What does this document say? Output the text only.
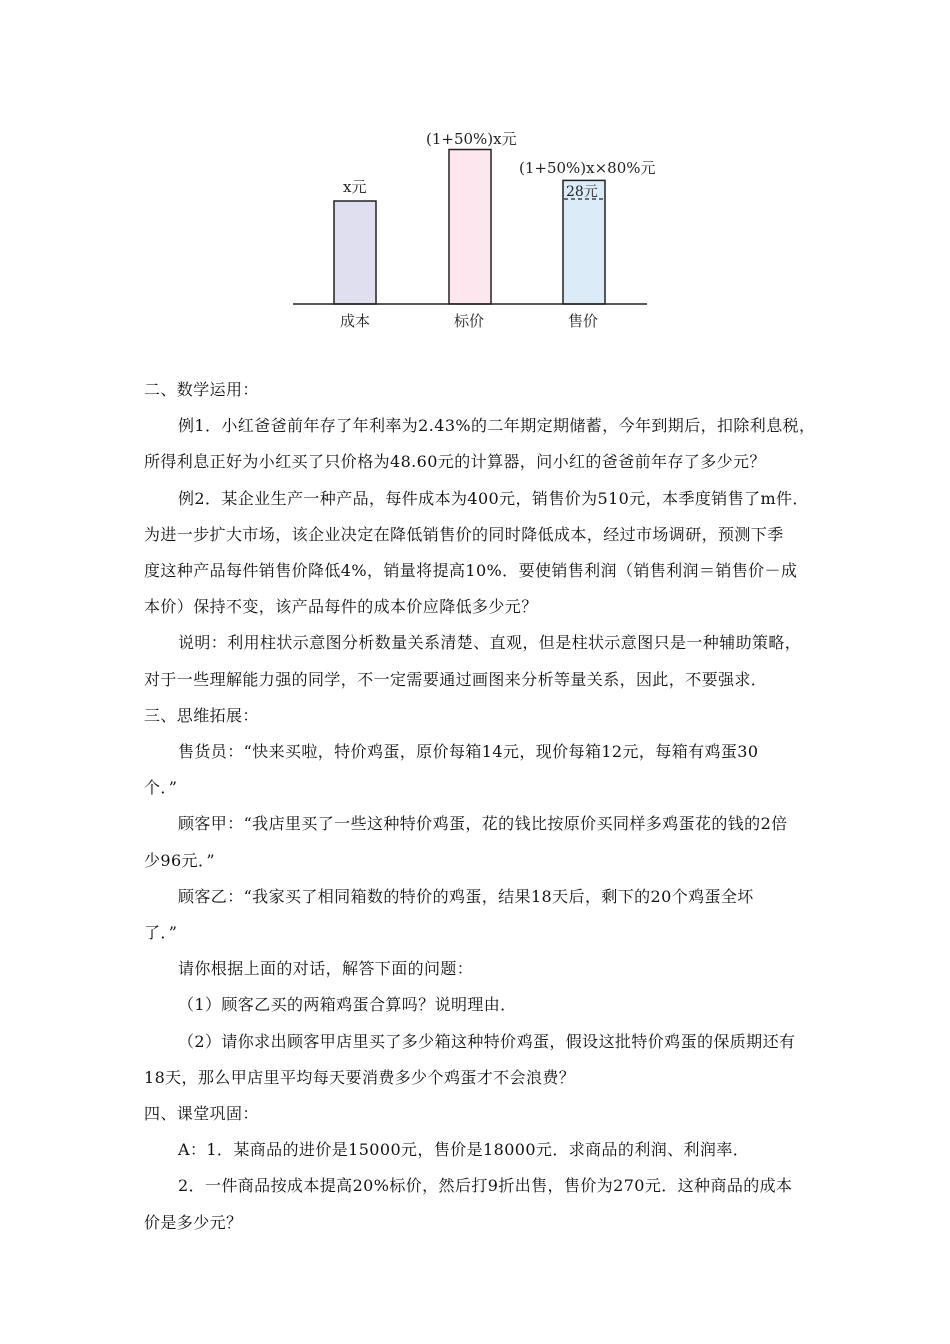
x元
(1+50%)x元
(1+50%)x×80%元
28元
成本	标价	售价

二、数学运用：

例1．小红爸爸前年存了年利率为2.43%的二年期定期储蓄，今年到期后，扣除利息税，

所得利息正好为小红买了只价格为48.60元的计算器，问小红的爸爸前年存了多少元？

例2．某企业生产一种产品，每件成本为400元，销售价为510元，本季度销售了m件．

为进一步扩大市场，该企业决定在降低销售价的同时降低成本，经过市场调研，预测下季

度这种产品每件销售价降低4%，销量将提高10%．要使销售利润（销售利润＝销售价－成

本价）保持不变，该产品每件的成本价应降低多少元？

说明：利用柱状示意图分析数量关系清楚、直观，但是柱状示意图只是一种辅助策略，

对于一些理解能力强的同学，不一定需要通过画图来分析等量关系，因此，不要强求．

三、思维拓展：

售货员：“快来买啦，特价鸡蛋，原价每箱14元，现价每箱12元，每箱有鸡蛋30

个．”

顾客甲：“我店里买了一些这种特价鸡蛋，花的钱比按原价买同样多鸡蛋花的钱的2倍

少96元．”

顾客乙：“我家买了相同箱数的特价的鸡蛋，结果18天后，剩下的20个鸡蛋全坏

了．”

请你根据上面的对话，解答下面的问题：

（1）顾客乙买的两箱鸡蛋合算吗？说明理由．

（2）请你求出顾客甲店里买了多少箱这种特价鸡蛋，假设这批特价鸡蛋的保质期还有

18天，那么甲店里平均每天要消费多少个鸡蛋才不会浪费？

四、课堂巩固：

A：1．某商品的进价是15000元，售价是18000元．求商品的利润、利润率．

2．一件商品按成本提高20%标价，然后打9折出售，售价为270元．这种商品的成本

价是多少元？
